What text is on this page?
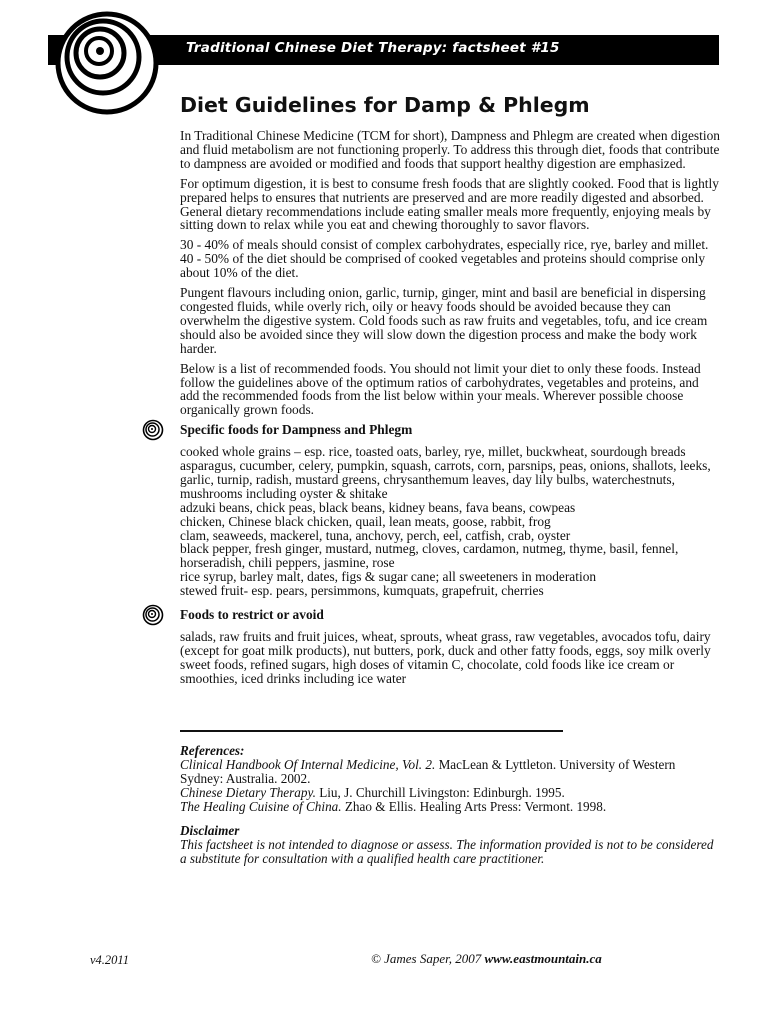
Traditional Chinese Diet Therapy: factsheet #15
Diet Guidelines for Damp & Phlegm

In Traditional Chinese Medicine (TCM for short), Dampness and Phlegm are created when digestion and fluid metabolism are not functioning properly. To address this through diet, foods that contribute to dampness are avoided or modified and foods that support healthy digestion are emphasized.

For optimum digestion, it is best to consume fresh foods that are slightly cooked. Food that is lightly prepared helps to ensures that nutrients are preserved and are more readily digested and absorbed. General dietary recommendations include eating smaller meals more frequently, enjoying meals by sitting down to relax while you eat and chewing thoroughly to savor flavors.

30 - 40% of meals should consist of complex carbohydrates, especially rice, rye, barley and millet. 40 - 50% of the diet should be comprised of cooked vegetables and proteins should comprise only about 10% of the diet.

Pungent flavours including onion, garlic, turnip, ginger, mint and basil are beneficial in dispersing congested fluids, while overly rich, oily or heavy foods should be avoided because they can overwhelm the digestive system. Cold foods such as raw fruits and vegetables, tofu, and ice cream should also be avoided since they will slow down the digestion process and make the body work harder.

Below is a list of recommended foods. You should not limit your diet to only these foods. Instead follow the guidelines above of the optimum ratios of carbohydrates, vegetables and proteins, and add the recommended foods from the list below within your meals. Wherever possible choose organically grown foods.

Specific foods for Dampness and Phlegm
cooked whole grains – esp. rice, toasted oats, barley, rye, millet, buckwheat, sourdough breads
asparagus, cucumber, celery, pumpkin, squash, carrots, corn, parsnips, peas, onions, shallots, leeks, garlic, turnip, radish, mustard greens, chrysanthemum leaves, day lily bulbs, waterchestnuts, mushrooms including oyster & shitake
adzuki beans, chick peas, black beans, kidney beans, fava beans, cowpeas
chicken, Chinese black chicken, quail, lean meats, goose, rabbit, frog
clam, seaweeds, mackerel, tuna, anchovy, perch, eel, catfish, crab, oyster
black pepper, fresh ginger, mustard, nutmeg, cloves, cardamon, nutmeg, thyme, basil, fennel, horseradish, chili peppers, jasmine, rose
rice syrup, barley malt, dates, figs & sugar cane; all sweeteners in moderation
stewed fruit- esp. pears, persimmons, kumquats, grapefruit, cherries
Foods to restrict or avoid

salads, raw fruits and fruit juices, wheat, sprouts, wheat grass, raw vegetables, avocados tofu, dairy (except for goat milk products), nut butters, pork, duck and other fatty foods, eggs, soy milk overly sweet foods, refined sugars, high doses of vitamin C, chocolate, cold foods like ice cream or smoothies, iced drinks including ice water

References:
Clinical Handbook Of Internal Medicine, Vol. 2. MacLean & Lyttleton. University of Western Sydney: Australia. 2002.
Chinese Dietary Therapy. Liu, J. Churchill Livingston: Edinburgh. 1995.
The Healing Cuisine of China. Zhao & Ellis. Healing Arts Press: Vermont. 1998.
Disclaimer
This factsheet is not intended to diagnose or assess. The information provided is not to be considered a substitute for consultation with a qualified health care practitioner.
v4.2011	© James Saper, 2007 www.eastmountain.ca
